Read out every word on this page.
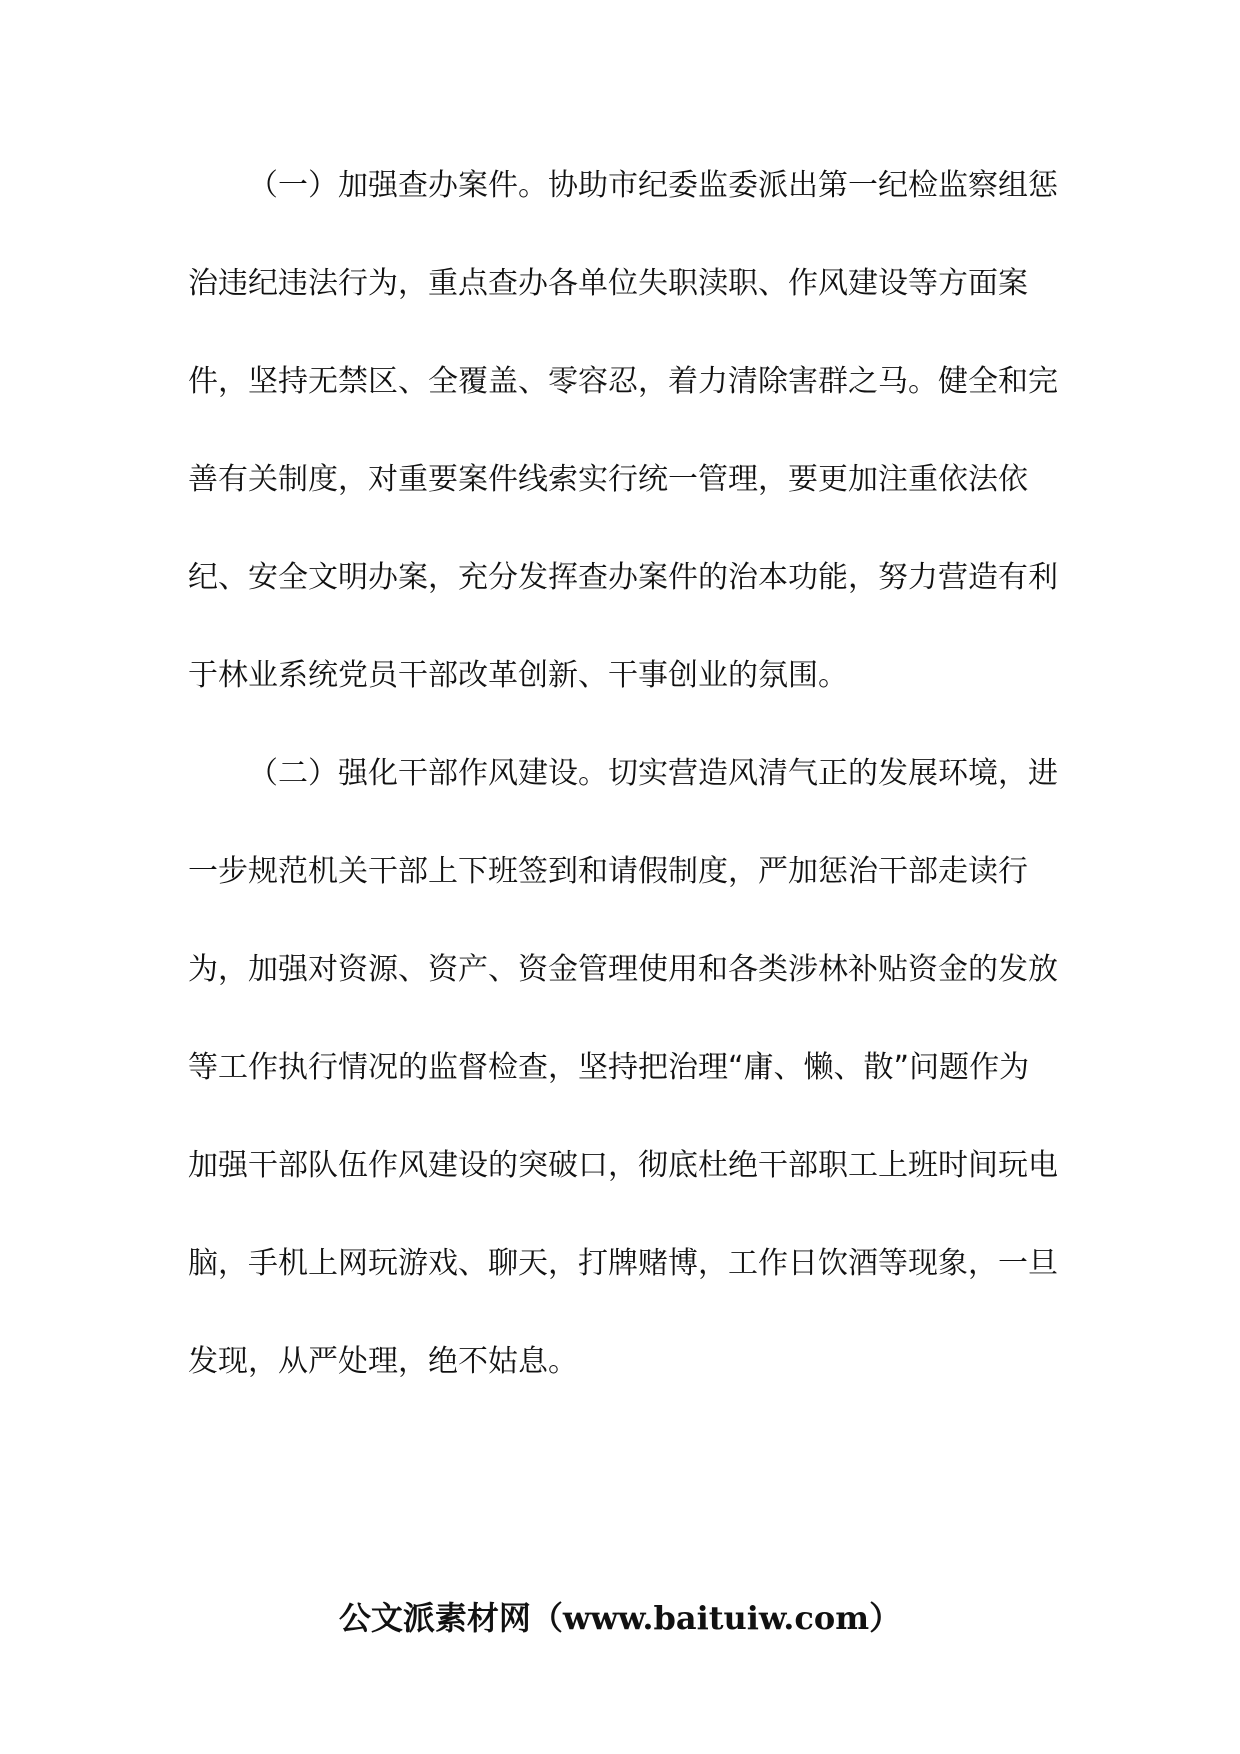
（一）加强查办案件。协助市纪委监委派出第一纪检监察组惩
治违纪违法行为，重点查办各单位失职渎职、作风建设等方面案
件，坚持无禁区、全覆盖、零容忍，着力清除害群之马。健全和完
善有关制度，对重要案件线索实行统一管理，要更加注重依法依
纪、安全文明办案，充分发挥查办案件的治本功能，努力营造有利
于林业系统党员干部改革创新、干事创业的氛围。
（二）强化干部作风建设。切实营造风清气正的发展环境，进
一步规范机关干部上下班签到和请假制度，严加惩治干部走读行
为，加强对资源、资产、资金管理使用和各类涉林补贴资金的发放
等工作执行情况的监督检查，坚持把治理“庸、懒、散”问题作为
加强干部队伍作风建设的突破口，彻底杜绝干部职工上班时间玩电
脑，手机上网玩游戏、聊天，打牌赌博，工作日饮酒等现象，一旦
发现，从严处理，绝不姑息。
公文派素材网（www.baituiw.com）
